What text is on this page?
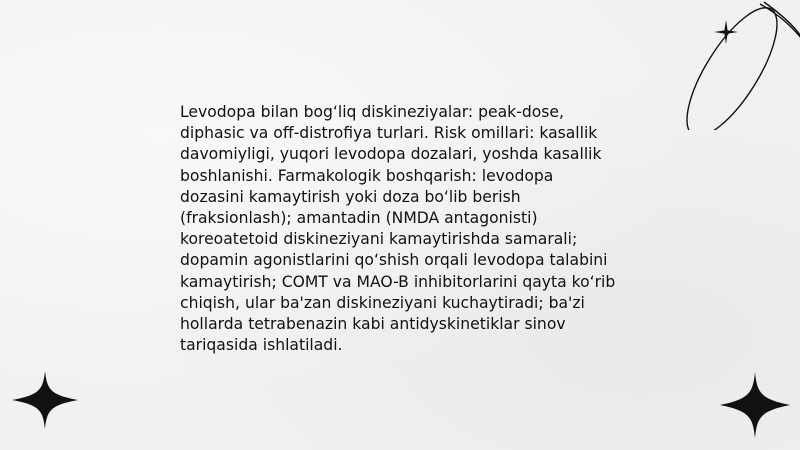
Levodopa bilan bog‘liq diskineziyalar: peak-dose, diphasic va off-distrofiya turlari. Risk omillari: kasallik davomiyligi, yuqori levodopa dozalari, yoshda kasallik boshlanishi. Farmakologik boshqarish: levodopa dozasini kamaytirish yoki doza bo‘lib berish (fraksionlash); amantadin (NMDA antagonisti) koreoatetoid diskineziyani kamaytirishda samarali; dopamin agonistlarini qo‘shish orqali levodopa talabini kamaytirish; COMT va MAO-B inhibitorlarini qayta ko‘rib chiqish, ular ba'zan diskineziyani kuchaytiradi; ba'zi hollarda tetrabenazin kabi antidyskinetiklar sinov tariqasida ishlatiladi.
